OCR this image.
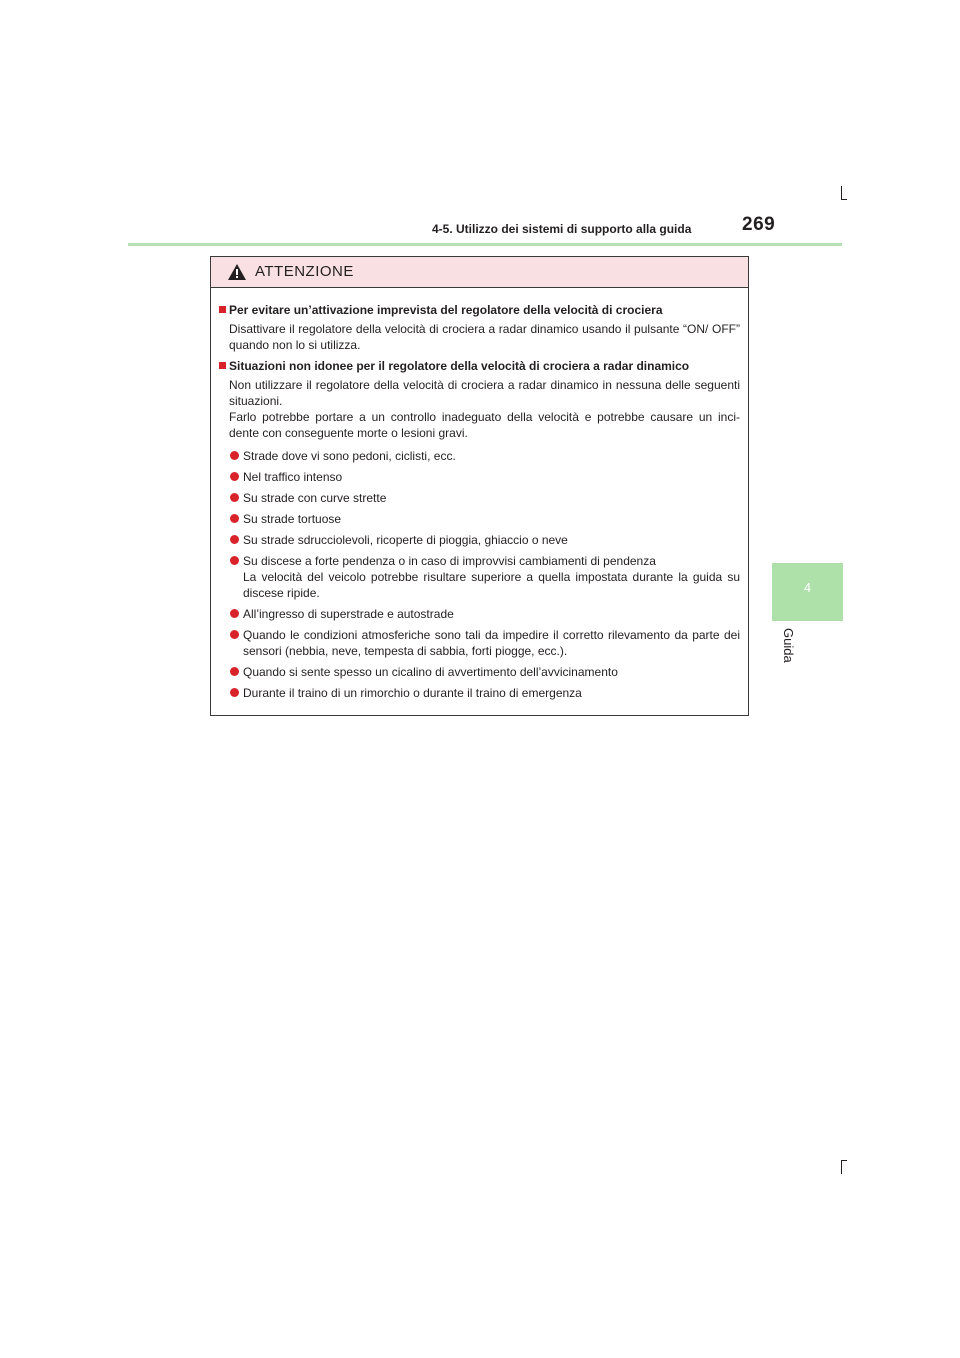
4-5. Utilizzo dei sistemi di supporto alla guida	269
4
Guida
ATTENZIONE
Per evitare un’attivazione imprevista del regolatore della velocità di crociera
Disattivare il regolatore della velocità di crociera a radar dinamico usando il pulsante “ON/ OFF” quando non lo si utilizza.
Situazioni non idonee per il regolatore della velocità di crociera a radar dinamico
Non utilizzare il regolatore della velocità di crociera a radar dinamico in nessuna delle seguenti situazioni.
Farlo potrebbe portare a un controllo inadeguato della velocità e potrebbe causare un inci- dente con conseguente morte o lesioni gravi.
Strade dove vi sono pedoni, ciclisti, ecc.
Nel traffico intenso
Su strade con curve strette
Su strade tortuose
Su strade sdrucciolevoli, ricoperte di pioggia, ghiaccio o neve
Su discese a forte pendenza o in caso di improvvisi cambiamenti di pendenza
La velocità del veicolo potrebbe risultare superiore a quella impostata durante la guida su discese ripide.
All’ingresso di superstrade e autostrade
Quando le condizioni atmosferiche sono tali da impedire il corretto rilevamento da parte dei sensori (nebbia, neve, tempesta di sabbia, forti piogge, ecc.).
Quando si sente spesso un cicalino di avvertimento dell’avvicinamento
Durante il traino di un rimorchio o durante il traino di emergenza
